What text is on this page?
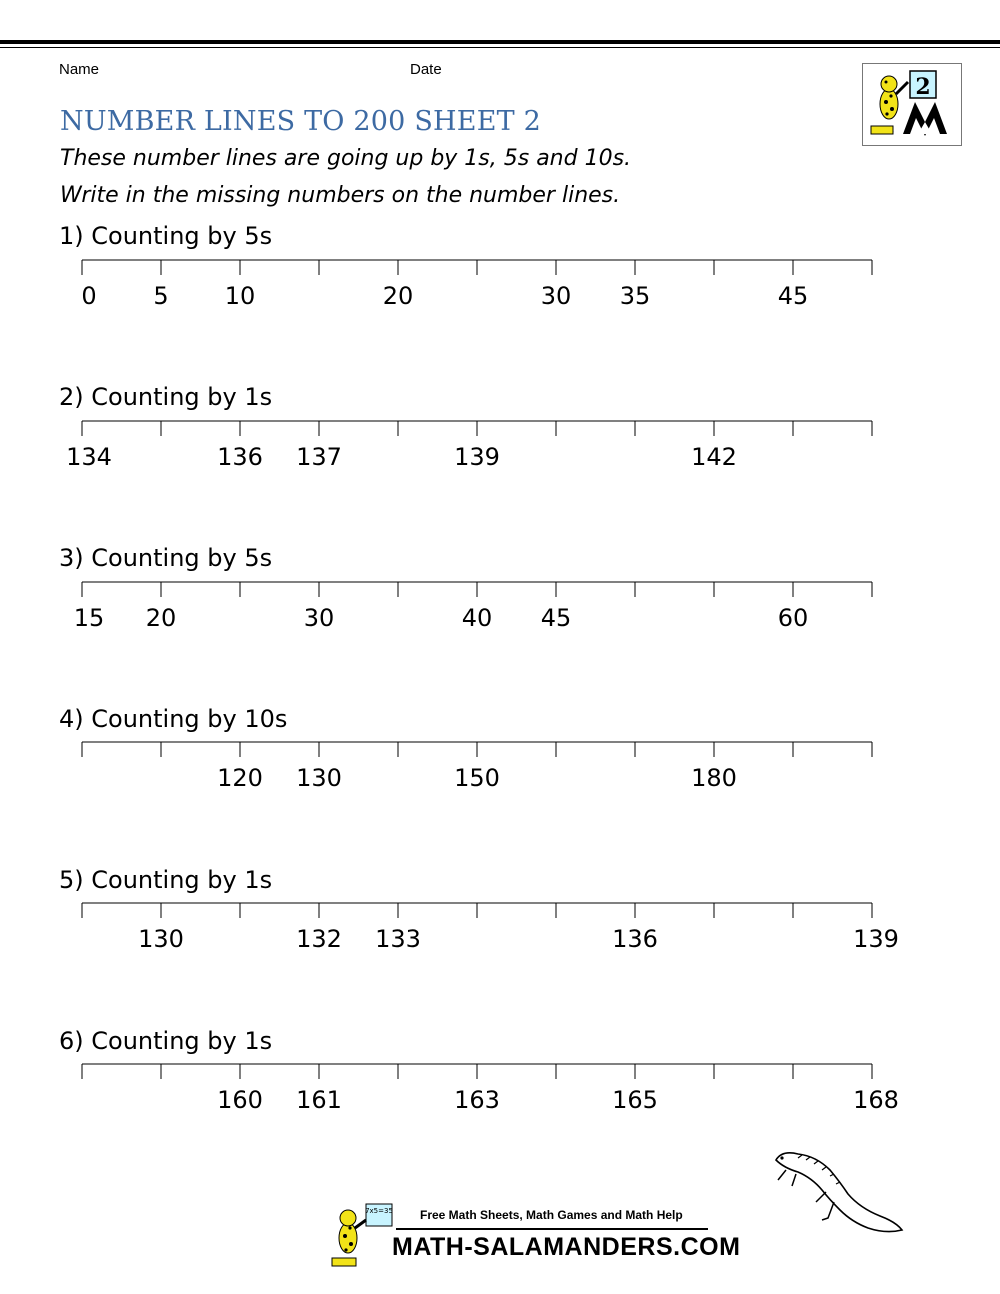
Name	Date
2
NUMBER LINES TO 200 SHEET 2
These number lines are going up by 1s, 5s and 10s.
Write in the missing numbers on the number lines.
1) Counting by 5s
2) Counting by 1s
3) Counting by 5s
4) Counting by 10s
5) Counting by 1s
6) Counting by 1s
0 5 10	20	30 35	45
134	136 137	139	142
15 20	30	40 45	60
120 130	150	180
130	132 133	136	139
160 161	163	165	168
7x5=35 Free Math Sheets, Math Games and Math Help
MATH-SALAMANDERS.COM
